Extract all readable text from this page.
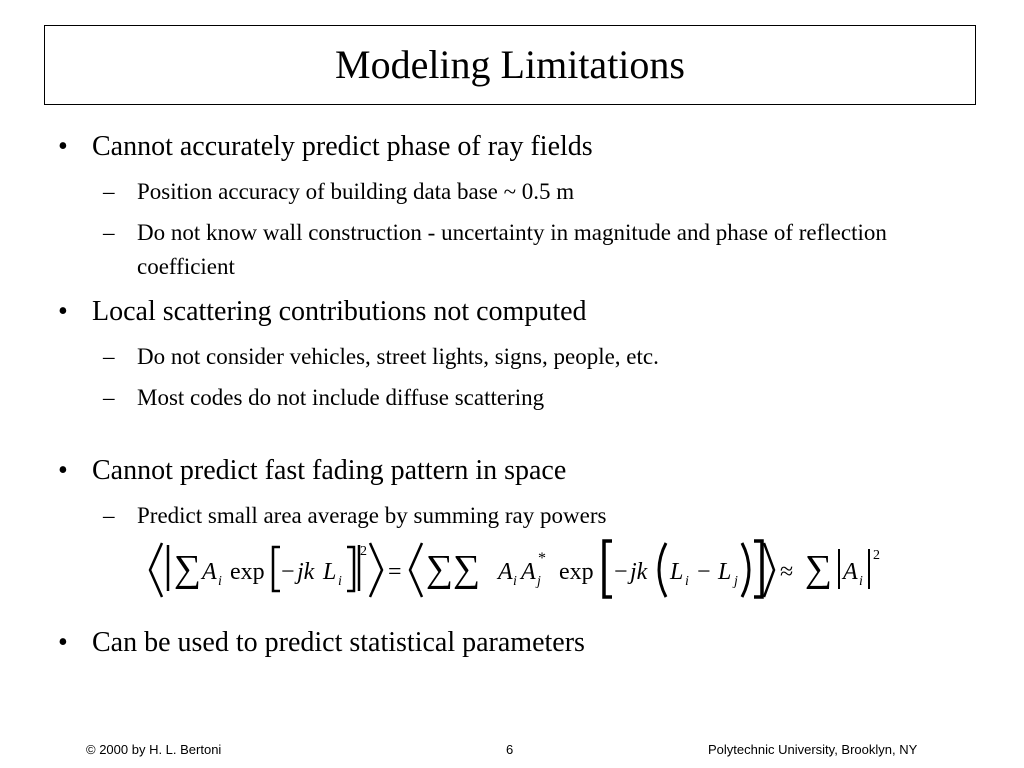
Modeling Limitations
• Cannot accurately predict phase of ray fields
– Position accuracy of building data base ~ 0.5 m
– Do not know wall construction - uncertainty in magnitude and phase of reflection coefficient
• Local scattering contributions not computed
– Do not consider vehicles, street lights, signs, people, etc.
– Most codes do not include diffuse scattering
• Cannot predict fast fading pattern in space
– Predict small area average by summing ray powers
∑ A i exp − jk L i
2
= ∑∑ A i A j
*
exp − jk L i − L j ≈ ∑ A i
2
• Can be used to predict statistical parameters
© 2000 by H. L. Bertoni	6	Polytechnic University, Brooklyn, NY
